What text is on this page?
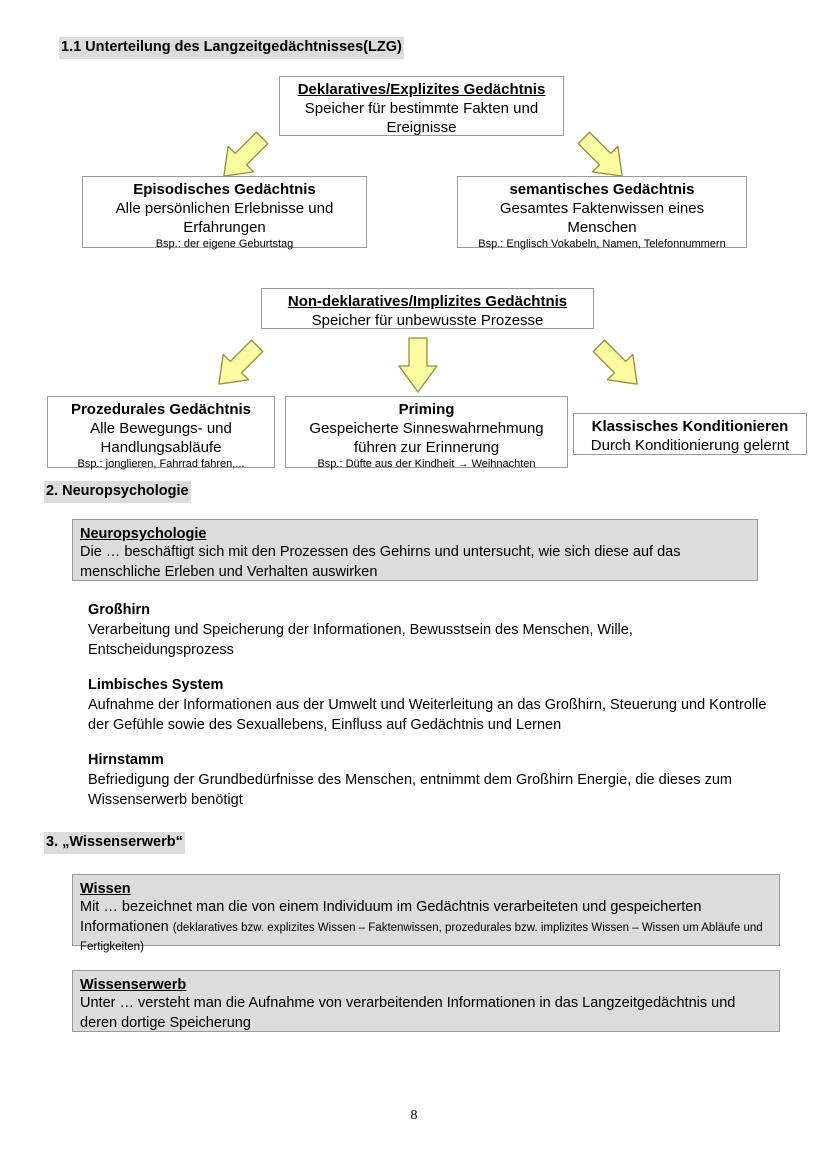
1.1 Unterteilung des Langzeitgedächtnisses(LZG)
Deklaratives/Explizites Gedächtnis
Speicher für bestimmte Fakten und
Ereignisse
Episodisches Gedächtnis
Alle persönlichen Erlebnisse und
Erfahrungen
Bsp.: der eigene Geburtstag
semantisches Gedächtnis
Gesamtes Faktenwissen eines
Menschen
Bsp.: Englisch Vokabeln, Namen, Telefonnummern
Non-deklaratives/Implizites Gedächtnis
Speicher für unbewusste Prozesse
Prozedurales Gedächtnis
Alle Bewegungs- und
Handlungsabläufe
Bsp.: jonglieren, Fahrrad fahren,...
Priming
Gespeicherte Sinneswahrnehmung
führen zur Erinnerung
Bsp.: Düfte aus der Kindheit → Weihnachten
Klassisches Konditionieren
Durch Konditionierung gelernt
2. Neuropsychologie
Neuropsychologie
Die … beschäftigt sich mit den Prozessen des Gehirns und untersucht, wie sich diese auf das menschliche Erleben und Verhalten auswirken
Großhirn
Verarbeitung und Speicherung der Informationen, Bewusstsein des Menschen, Wille, Entscheidungsprozess
Limbisches System
Aufnahme der Informationen aus der Umwelt und Weiterleitung an das Großhirn, Steuerung und Kontrolle der Gefühle sowie des Sexuallebens, Einfluss auf Gedächtnis und Lernen
Hirnstamm
Befriedigung der Grundbedürfnisse des Menschen, entnimmt dem Großhirn Energie, die dieses zum Wissenserwerb benötigt
3. „Wissenserwerb“
Wissen
Mit … bezeichnet man die von einem Individuum im Gedächtnis verarbeiteten und gespeicherten Informationen (deklaratives bzw. explizites Wissen – Faktenwissen, prozedurales bzw. implizites Wissen – Wissen um Abläufe und Fertigkeiten)
Wissenserwerb
Unter … versteht man die Aufnahme von verarbeitenden Informationen in das Langzeitgedächtnis und deren dortige Speicherung
8
